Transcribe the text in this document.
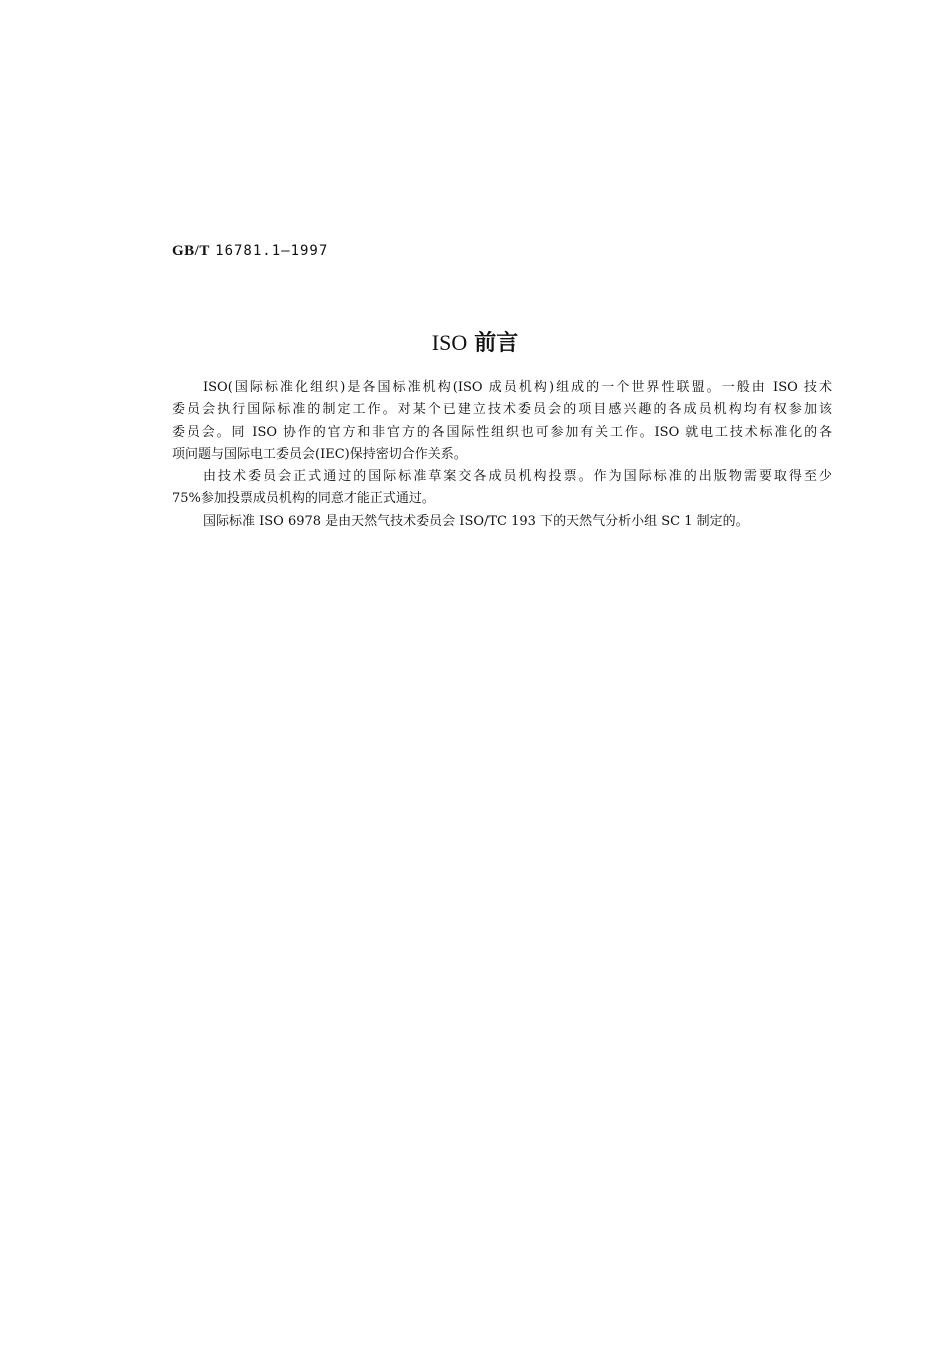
GB/T 16781.1—1997
ISO 前言
ISO(国际标准化组织)是各国标准机构(ISO 成员机构)组成的一个世界性联盟。一般由 ISO 技术
委员会执行国际标准的制定工作。对某个已建立技术委员会的项目感兴趣的各成员机构均有权参加该
委员会。同 ISO 协作的官方和非官方的各国际性组织也可参加有关工作。ISO 就电工技术标准化的各
项问题与国际电工委员会(IEC)保持密切合作关系。
由技术委员会正式通过的国际标准草案交各成员机构投票。作为国际标准的出版物需要取得至少
75%参加投票成员机构的同意才能正式通过。
国际标准 ISO 6978 是由天然气技术委员会 ISO/TC 193 下的天然气分析小组 SC 1 制定的。
